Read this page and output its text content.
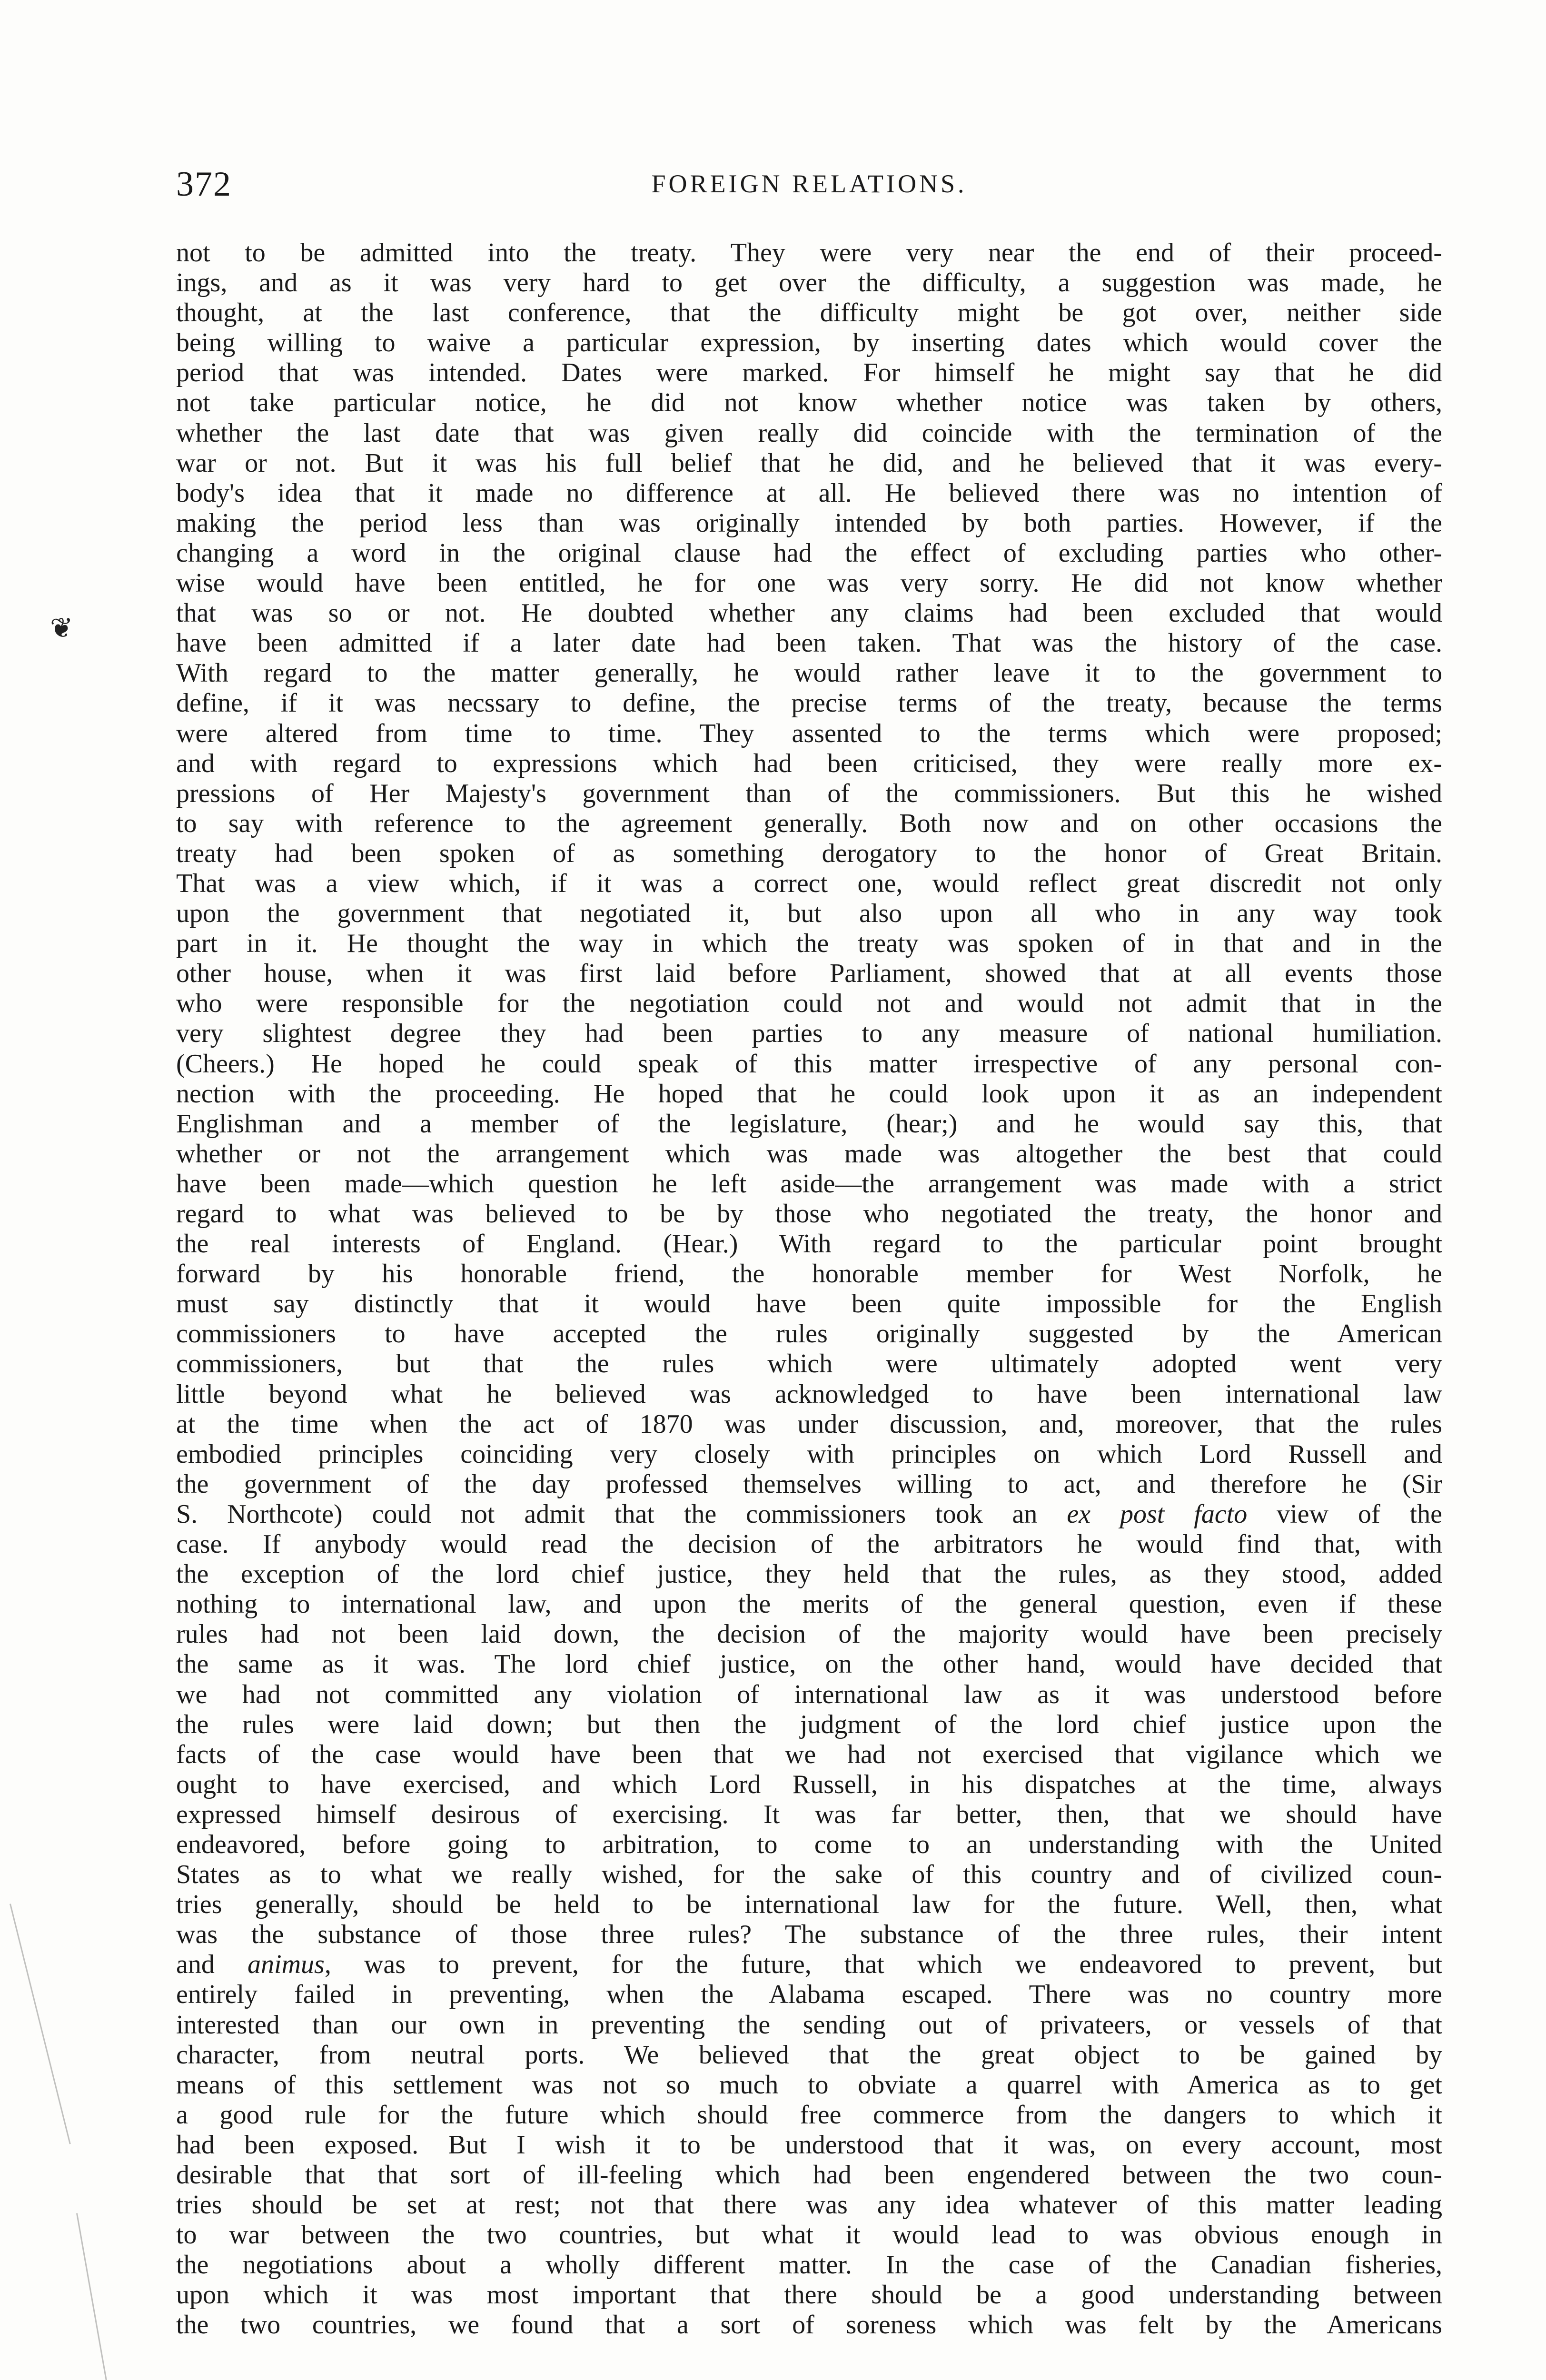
372	FOREIGN RELATIONS.
❦
not to be admitted into the treaty. They were very near the end of their proceed-
ings, and as it was very hard to get over the difficulty, a suggestion was made, he
thought, at the last conference, that the difficulty might be got over, neither side
being willing to waive a particular expression, by inserting dates which would cover the
period that was intended. Dates were marked. For himself he might say that he did
not take particular notice, he did not know whether notice was taken by others,
whether the last date that was given really did coincide with the termination of the
war or not. But it was his full belief that he did, and he believed that it was every-
body's idea that it made no difference at all. He believed there was no intention of
making the period less than was originally intended by both parties. However, if the
changing a word in the original clause had the effect of excluding parties who other-
wise would have been entitled, he for one was very sorry. He did not know whether
that was so or not. He doubted whether any claims had been excluded that would
have been admitted if a later date had been taken. That was the history of the case.
With regard to the matter generally, he would rather leave it to the government to
define, if it was necssary to define, the precise terms of the treaty, because the terms
were altered from time to time. They assented to the terms which were proposed;
and with regard to expressions which had been criticised, they were really more ex-
pressions of Her Majesty's government than of the commissioners. But this he wished
to say with reference to the agreement generally. Both now and on other occasions the
treaty had been spoken of as something derogatory to the honor of Great Britain.
That was a view which, if it was a correct one, would reflect great discredit not only
upon the government that negotiated it, but also upon all who in any way took
part in it. He thought the way in which the treaty was spoken of in that and in the
other house, when it was first laid before Parliament, showed that at all events those
who were responsible for the negotiation could not and would not admit that in the
very slightest degree they had been parties to any measure of national humiliation.
(Cheers.) He hoped he could speak of this matter irrespective of any personal con-
nection with the proceeding. He hoped that he could look upon it as an independent
Englishman and a member of the legislature, (hear;) and he would say this, that
whether or not the arrangement which was made was altogether the best that could
have been made—which question he left aside—the arrangement was made with a strict
regard to what was believed to be by those who negotiated the treaty, the honor and
the real interests of England. (Hear.) With regard to the particular point brought
forward by his honorable friend, the honorable member for West Norfolk, he
must say distinctly that it would have been quite impossible for the English
commissioners to have accepted the rules originally suggested by the American
commissioners, but that the rules which were ultimately adopted went very
little beyond what he believed was acknowledged to have been international law
at the time when the act of 1870 was under discussion, and, moreover, that the rules
embodied principles coinciding very closely with principles on which Lord Russell and
the government of the day professed themselves willing to act, and therefore he (Sir
S. Northcote) could not admit that the commissioners took an ex post facto view of the
case. If anybody would read the decision of the arbitrators he would find that, with
the exception of the lord chief justice, they held that the rules, as they stood, added
nothing to international law, and upon the merits of the general question, even if these
rules had not been laid down, the decision of the majority would have been precisely
the same as it was. The lord chief justice, on the other hand, would have decided that
we had not committed any violation of international law as it was understood before
the rules were laid down; but then the judgment of the lord chief justice upon the
facts of the case would have been that we had not exercised that vigilance which we
ought to have exercised, and which Lord Russell, in his dispatches at the time, always
expressed himself desirous of exercising. It was far better, then, that we should have
endeavored, before going to arbitration, to come to an understanding with the United
States as to what we really wished, for the sake of this country and of civilized coun-
tries generally, should be held to be international law for the future. Well, then, what
was the substance of those three rules? The substance of the three rules, their intent
and animus, was to prevent, for the future, that which we endeavored to prevent, but
entirely failed in preventing, when the Alabama escaped. There was no country more
interested than our own in preventing the sending out of privateers, or vessels of that
character, from neutral ports. We believed that the great object to be gained by
means of this settlement was not so much to obviate a quarrel with America as to get
a good rule for the future which should free commerce from the dangers to which it
had been exposed. But I wish it to be understood that it was, on every account, most
desirable that that sort of ill-feeling which had been engendered between the two coun-
tries should be set at rest; not that there was any idea whatever of this matter leading
to war between the two countries, but what it would lead to was obvious enough in
the negotiations about a wholly different matter. In the case of the Canadian fisheries,
upon which it was most important that there should be a good understanding between
the two countries, we found that a sort of soreness which was felt by the Americans
